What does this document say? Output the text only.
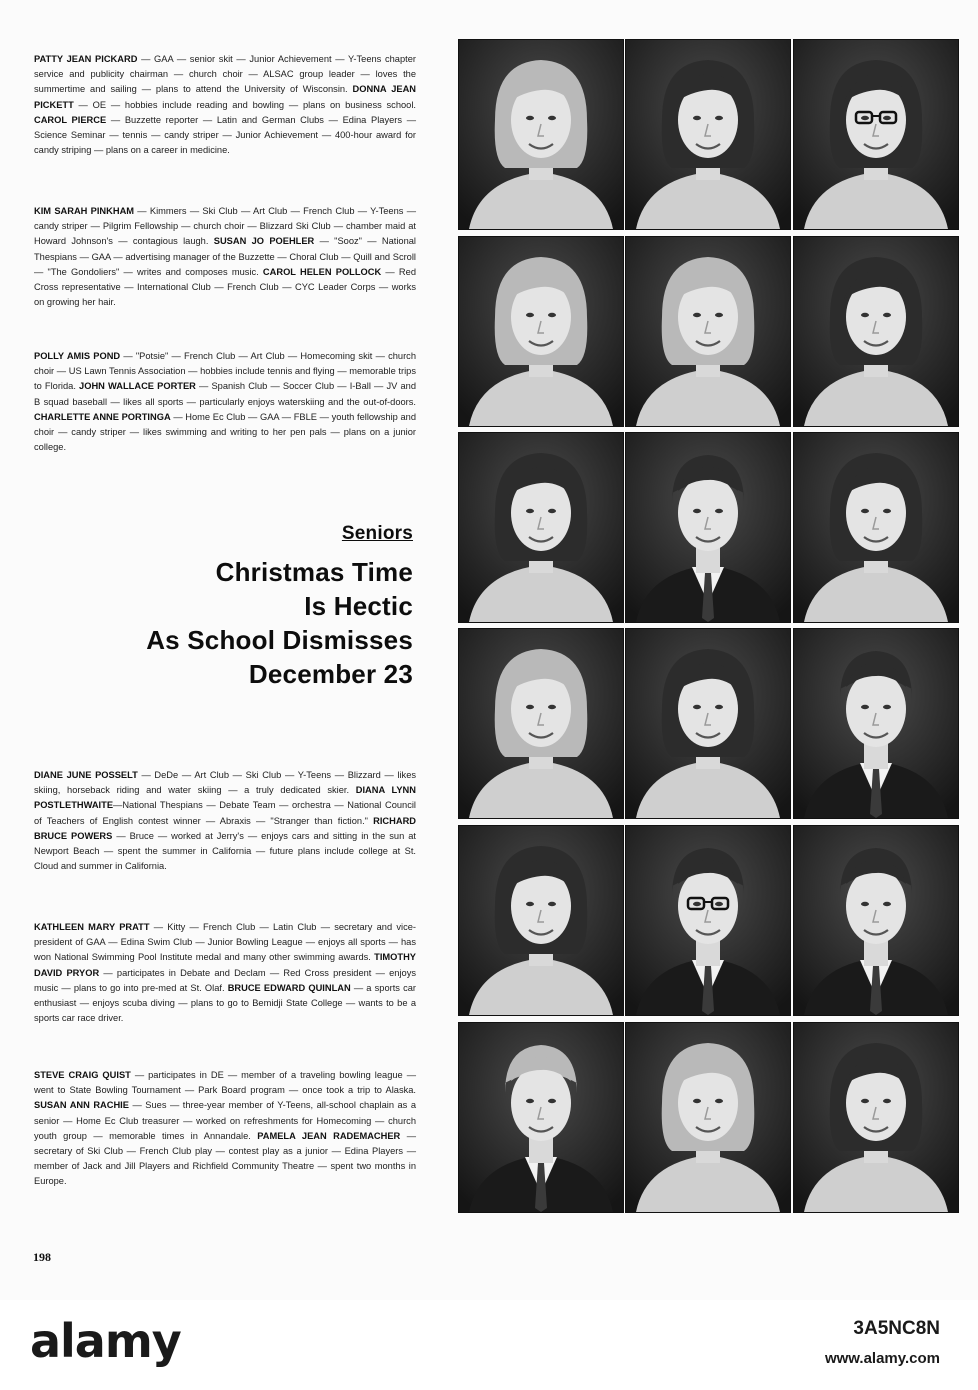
PATTY JEAN PICKARD — GAA — senior skit — Junior Achievement — Y-Teens chapter service and publicity chairman — church choir — ALSAC group leader — loves the summertime and sailing — plans to attend the University of Wisconsin. DONNA JEAN PICKETT — OE — hobbies include reading and bowling — plans on business school. CAROL PIERCE — Buzzette reporter — Latin and German Clubs — Edina Players — Science Seminar — tennis — candy striper — Junior Achievement — 400-hour award for candy striping — plans on a career in medicine.

KIM SARAH PINKHAM — Kimmers — Ski Club — Art Club — French Club — Y-Teens — candy striper — Pilgrim Fellowship — church choir — Blizzard Ski Club — chamber maid at Howard Johnson's — contagious laugh. SUSAN JO POEHLER — "Sooz" — National Thespians — GAA — advertising manager of the Buzzette — Choral Club — Quill and Scroll — "The Gondoliers" — writes and composes music. CAROL HELEN POLLOCK — Red Cross representative — International Club — French Club — CYC Leader Corps — works on growing her hair.

POLLY AMIS POND — "Potsie" — French Club — Art Club — Homecoming skit — church choir — US Lawn Tennis Association — hobbies include tennis and flying — memorable trips to Florida. JOHN WALLACE PORTER — Spanish Club — Soccer Club — I-Ball — JV and B squad baseball — likes all sports — particularly enjoys waterskiing and the out-of-doors. CHARLETTE ANNE PORTINGA — Home Ec Club — GAA — FBLE — youth fellowship and choir — candy striper — likes swimming and writing to her pen pals — plans on a junior college.

Seniors
Christmas Time
Is Hectic
As School Dismisses
December 23

DIANE JUNE POSSELT — DeDe — Art Club — Ski Club — Y-Teens — Blizzard — likes skiing, horseback riding and water skiing — a truly dedicated skier. DIANA LYNN POSTLETHWAITE—National Thespians — Debate Team — orchestra — National Council of Teachers of English contest winner — Abraxis — "Stranger than fiction." RICHARD BRUCE POWERS — Bruce — worked at Jerry's — enjoys cars and sitting in the sun at Newport Beach — spent the summer in California — future plans include college at St. Cloud and summer in California.

KATHLEEN MARY PRATT — Kitty — French Club — Latin Club — secretary and vice-president of GAA — Edina Swim Club — Junior Bowling League — enjoys all sports — has won National Swimming Pool Institute medal and many other swimming awards. TIMOTHY DAVID PRYOR — participates in Debate and Declam — Red Cross president — enjoys music — plans to go into pre-med at St. Olaf. BRUCE EDWARD QUINLAN — a sports car enthusiast — enjoys scuba diving — plans to go to Bemidji State College — wants to be a sports car race driver.

STEVE CRAIG QUIST — participates in DE — member of a traveling bowling league — went to State Bowling Tournament — Park Board program — once took a trip to Alaska. SUSAN ANN RACHIE — Sues — three-year member of Y-Teens, all-school chaplain as a senior — Home Ec Club treasurer — worked on refreshments for Homecoming — church youth group — memorable times in Annandale. PAMELA JEAN RADEMACHER — secretary of Ski Club — French Club play — contest play as a junior — Edina Players — member of Jack and Jill Players and Richfield Community Theatre — spent two months in Europe.

198
alamy	3A5NC8N
www.alamy.com
